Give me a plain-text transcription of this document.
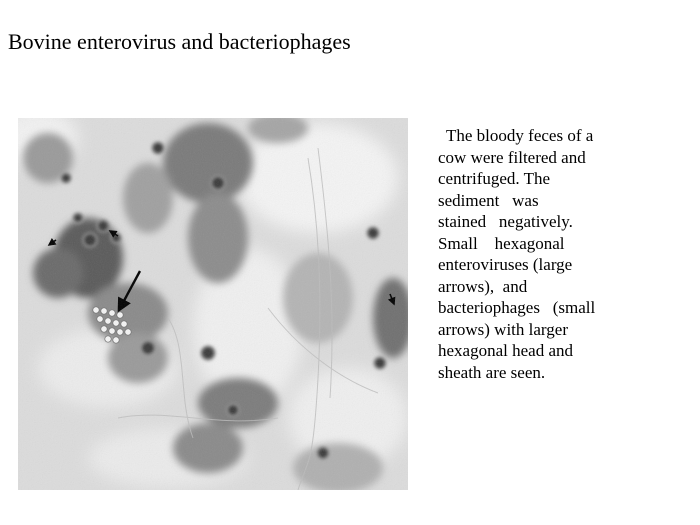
Bovine enterovirus and bacteriophages
The bloody feces of a
cow were filtered and
centrifuged. The
sediment   was
stained   negatively.
Small    hexagonal
enteroviruses (large
arrows),  and
bacteriophages   (small
arrows) with larger
hexagonal head and
sheath are seen.
